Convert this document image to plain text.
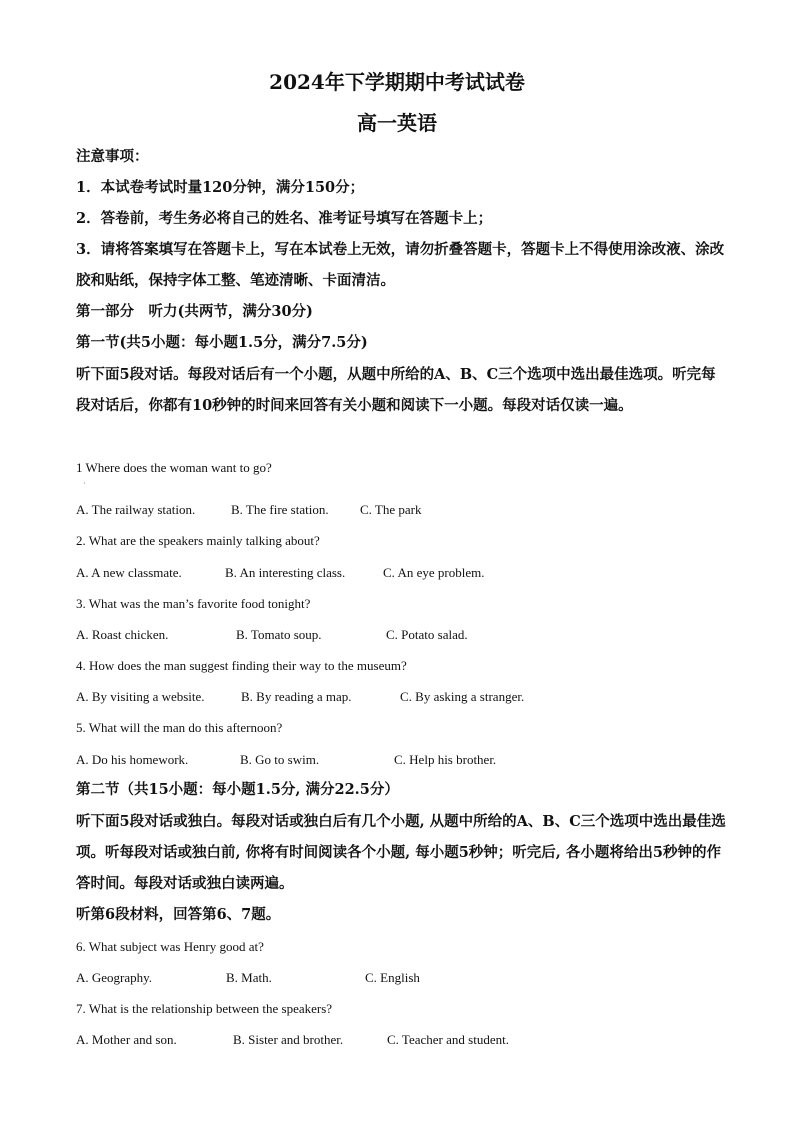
2024年下学期期中考试试卷
高一英语
注意事项：
1．本试卷考试时量120分钟，满分150分；
2．答卷前，考生务必将自己的姓名、准考证号填写在答题卡上；
3．请将答案填写在答题卡上，写在本试卷上无效，请勿折叠答题卡，答题卡上不得使用涂改液、涂改胶和贴纸，保持字体工整、笔迹清晰、卡面清洁。
第一部分　听力(共两节，满分30分)
第一节(共5小题：每小题1.5分，满分7.5分)
听下面5段对话。每段对话后有一个小题，从题中所给的A、B、C三个选项中选出最佳选项。听完每段对话后，你都有10秒钟的时间来回答有关小题和阅读下一小题。每段对话仅读一遍。
1 Where does the woman want to go?
·
A. The railway station.	B. The fire station. C. The park
2. What are the speakers mainly talking about?
A. A new classmate.	B. An interesting class.	C. An eye problem.
3. What was the man’s favorite food tonight?
A. Roast chicken.	B. Tomato soup.	C. Potato salad.
4. How does the man suggest finding their way to the museum?
A. By visiting a website.	B. By reading a map.	C. By asking a stranger.
5. What will the man do this afternoon?
A. Do his homework.	B. Go to swim.	C. Help his brother.
第二节（共15小题：每小题1.5分, 满分22.5分）
听下面5段对话或独白。每段对话或独白后有几个小题, 从题中所给的A、B、C三个选项中选出最佳选项。听每段对话或独白前, 你将有时间阅读各个小题, 每小题5秒钟；听完后, 各小题将给出5秒钟的作答时间。每段对话或独白读两遍。
听第6段材料，回答第6、7题。
6. What subject was Henry good at?
A. Geography.	B. Math.	C. English
7. What is the relationship between the speakers?
A. Mother and son.	B. Sister and brother.	C. Teacher and student.
